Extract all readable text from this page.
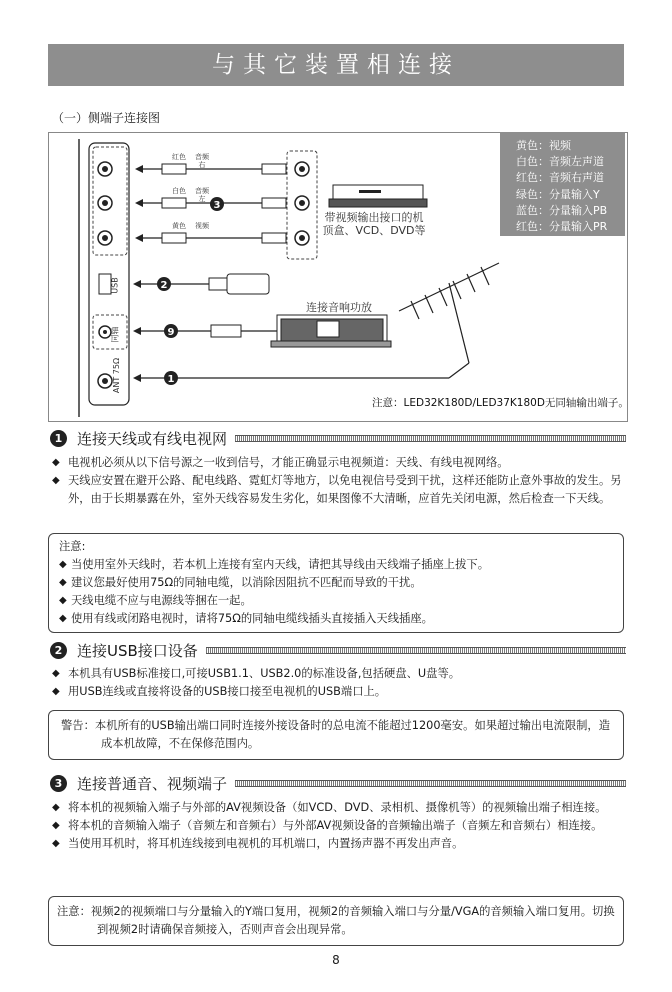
与其它装置相连接
（一）侧端子连接图
3
2
9
1
带视频输出接口的机
顶盒、VCD、DVD等
连接音响功放
USB
同轴
ANT 75Ω
红色	音频右
白色	音频左
黄色	视频
黄色：视频
白色：音频左声道
红色：音频右声道
绿色：分量输入Y
蓝色：分量输入PB
红色：分量输入PR
注意：LED32K180D/LED37K180D无同轴输出端子。
1 连接天线或有线电视网
◆ 电视机必须从以下信号源之一收到信号，才能正确显示电视频道：天线、有线电视网络。
◆ 天线应安置在避开公路、配电线路、霓虹灯等地方，以免电视信号受到干扰，这样还能防止意外事故的发生。另外，由于长期暴露在外，室外天线容易发生劣化，如果图像不大清晰，应首先关闭电源，然后检查一下天线。
注意:
◆ 当使用室外天线时，若本机上连接有室内天线，请把其导线由天线端子插座上拔下。
◆ 建议您最好使用75Ω的同轴电缆，以消除因阻抗不匹配而导致的干扰。
◆ 天线电缆不应与电源线等捆在一起。
◆ 使用有线或闭路电视时，请将75Ω的同轴电缆线插头直接插入天线插座。
2 连接USB接口设备
◆ 本机具有USB标准接口,可接USB1.1、USB2.0的标准设备,包括硬盘、U盘等。
◆ 用USB连线或直接将设备的USB接口接至电视机的USB端口上。
警告：本机所有的USB输出端口同时连接外接设备时的总电流不能超过1200毫安。如果超过输出电流限制，造成本机故障，不在保修范围内。
3 连接普通音、视频端子
◆ 将本机的视频输入端子与外部的AV视频设备（如VCD、DVD、录相机、摄像机等）的视频输出端子相连接。
◆ 将本机的音频输入端子（音频左和音频右）与外部AV视频设备的音频输出端子（音频左和音频右）相连接。
◆ 当使用耳机时，将耳机连线接到电视机的耳机端口，内置扬声器不再发出声音。
注意：视频2的视频端口与分量输入的Y端口复用，视频2的音频输入端口与分量/VGA的音频输入端口复用。切换到视频2时请确保音频接入，否则声音会出现异常。
8
